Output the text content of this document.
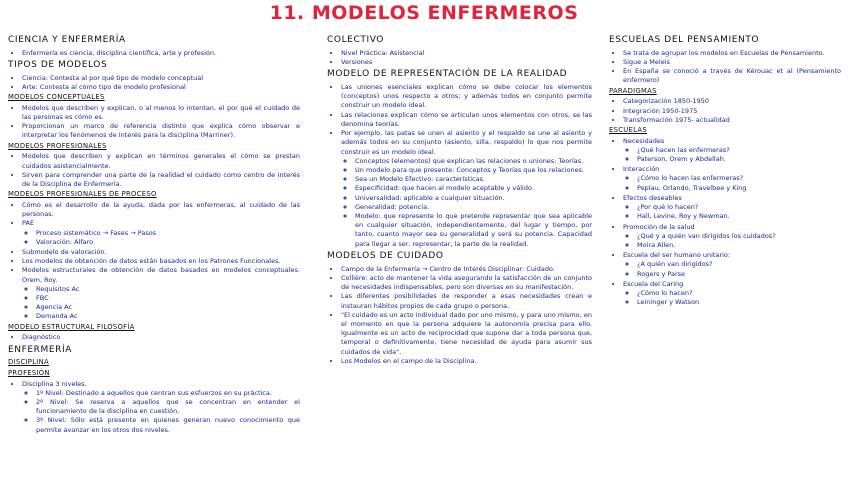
11. MODELOS ENFERMEROS
CIENCIA Y ENFERMERÍA
• Enfermería es ciencia, disciplina científica, arte y profesión.
TIPOS DE MODELOS
• Ciencia: Contesta al por qué tipo de modelo conceptual
• Arte: Contesta al cómo tipo de modelo profesional
MODELOS CONCEPTUALES
• Modelos que describen y explican, o al menos lo intentan, el por qué el cuidado de las personas es cómo es.
• Proporcionan un marco de referencia distinto que explica cómo observar e interpretar los fenómenos de interés para la disciplina (Marriner).
MODELOS PROFESIONALES
• Modelos que describen y explican en términos generales el cómo se prestan cuidados asistencialmente.
• Sirven para comprender una parte de la realidad el cuidado como centro de interés de la Disciplina de Enfermería.
MODELOS PROFESIONALES DE PROCESO
• Cómo es el desarrollo de la ayuda, dada por las enfermeras, al cuidado de las personas.
• PAE
◦ Proceso sistemático → Fases → Pasos
◦ Valoración: Alfaro
• Submodelo de valoración.
• Los modelos de obtención de datos están basados en los Patrones Funcionales.
• Modelos estructurales de obtención de datos basados en modelos conceptuales. Orem, Roy.
◦ Requisitos Ac
◦ FBC
◦ Agencia Ac
◦ Demanda Ac
MODELO ESTRUCTURAL FILOSOFÍA
• Diagnóstico
ENFERMERÍA
DISCIPLINA
PROFESIÓN
• Disciplina 3 niveles.
◦ 1º Nivel: Destinado a aquellos que centran sus esfuerzos en su práctica.
◦ 2º Nivel: Se reserva a aquellos que se concentran en entender el funcionamiento de la disciplina en cuestión.
◦ 3º Nivel: Sólo está presente en quienes generan nuevo conocimiento que permite avanzar en los otros dos niveles.
COLECTIVO
• Nivel Práctica: Asistencial
• Versiones
MODELO DE REPRESENTACIÓN DE LA REALIDAD
• Las uniones esenciales explican cómo se debe colocar los elementos (conceptos) unos respecto a otros; y además todos en conjunto permite construir un modelo ideal.
• Las relaciones explican cómo se articulan unos elementos con otros, se las denomina teorías.
• Por ejemplo, las patas se unen al asiento y el respaldo se une al asiento y además todos en su conjunto (asiento, silla, respaldo) lo que nos permite construir es un modelo ideal.
◦ Conceptos (elementos) que explican las relaciones o uniones: Teorías.
◦ Un modelo para que presente: Conceptos y Teorías que los relaciones.
◦ Sea un Modelo Efectivo: características.
◦ Especificidad: que hacen al modelo aceptable y válido.
◦ Universalidad: aplicable a cualquier situación.
◦ Generalidad: potencia.
◦ Modelo: que represente lo que pretende representar que sea aplicable en cualquier situación, independientemente, del lugar y tiempo, por tanto, cuanto mayor sea su generalidad y será su potencia. Capacidad para llegar a ser, representar, la parte de la realidad.
MODELOS DE CUIDADO
• Campo de la Enfermería → Centro de Interés Disciplinar: Cuidado.
• Collière: acto de mantener la vida asegurando la satisfacción de un conjunto de necesidades indispensables, pero son diversas en su manifestación.
• Las diferentes posibilidades de responder a esas necesidades crean e instauran hábitos propios de cada grupo o persona.
• "El cuidado es un acto individual dado por uno mismo, y para uno mismo, en el momento en que la persona adquiere la autonomía precisa para ello. Igualmente es un acto de reciprocidad que supone dar a toda persona que, temporal o definitivamente, tiene necesidad de ayuda para asumir sus cuidados de vida".
• Los Modelos en el campo de la Disciplina.
ESCUELAS DEL PENSAMIENTO
• Se trata de agrupar los modelos en Escuelas de Pensamiento.
• Sigue a Meleis
• En España se conoció a través de Kérouac et al (Pensamiento enfermero)
PARADIGMAS
• Categorización 1850-1950
• Integración 1950-1975
• Transformación 1975- actualidad
ESCUELAS
• Necesidades
◦ ¿Qué hacen las enfermeras?
◦ Paterson, Orem y Abdellah.
• Interacción
◦ ¿Cómo lo hacen las enfermeras?
◦ Peplau, Orlando, Travelbee y King
• Efectos deseables
◦ ¿Por qué lo hacen?
◦ Hall, Levine, Roy y Newman.
• Promoción de la salud
◦ ¿Qué y a quién van dirigidos los cuidados?
◦ Moira Allen.
• Escuela del ser humano unitario:
◦ ¿A quién van dirigidos?
◦ Rogers y Parse
• Escuela del Caring
◦ ¿Cómo lo hacen?
◦ Leininger y Watson
